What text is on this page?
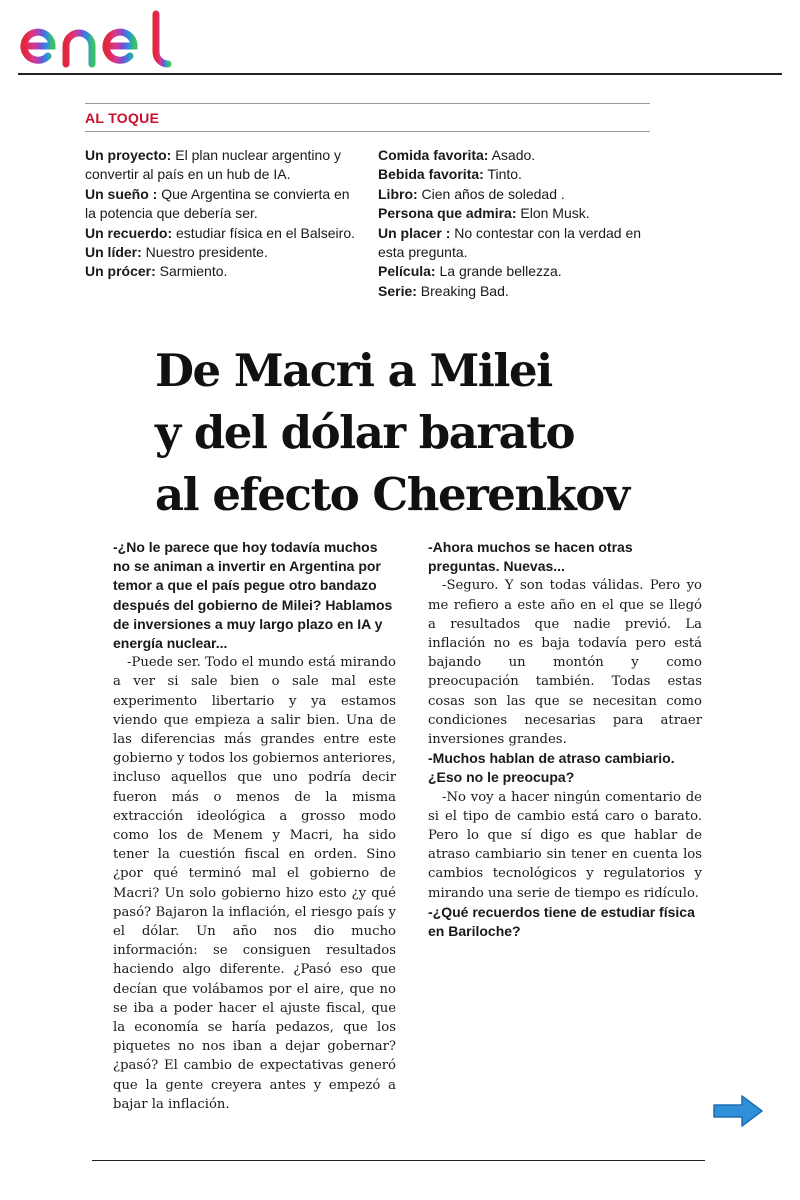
AL TOQUE
Un proyecto: El plan nuclear argentino y convertir al país en un hub de IA.
Un sueño : Que Argentina se convierta en la potencia que debería ser.
Un recuerdo: estudiar física en el Balseiro.
Un líder: Nuestro presidente.
Un prócer: Sarmiento.
Comida favorita: Asado.
Bebida favorita: Tinto.
Libro: Cien años de soledad .
Persona que admira: Elon Musk.
Un placer : No contestar con la verdad en esta pregunta.
Película: La grande bellezza.
Serie: Breaking Bad.
De Macri a Milei
y del dólar barato
al efecto Cherenkov
-¿No le parece que hoy todavía muchos no se animan a invertir en Argentina por temor a que el país pegue otro bandazo después del gobierno de Milei? Hablamos de inversiones a muy largo plazo en IA y energía nuclear...
-Puede ser. Todo el mundo está mirando a ver si sale bien o sale mal este experimento libertario y ya estamos viendo que empieza a salir bien. Una de las diferencias más grandes entre este gobierno y todos los gobiernos anteriores, incluso aquellos que uno podría decir fueron más o menos de la misma extracción ideológica a grosso modo como los de Menem y Macri, ha sido tener la cuestión fiscal en orden. Sino ¿por qué terminó mal el gobierno de Macri? Un solo gobierno hizo esto ¿y qué pasó? Bajaron la inflación, el riesgo país y el dólar. Un año nos dio mucho información: se consiguen resultados haciendo algo diferente. ¿Pasó eso que decían que volábamos por el aire, que no se iba a poder hacer el ajuste fiscal, que la economía se haría pedazos, que los piquetes no nos iban a dejar gobernar? ¿pasó? El cambio de expectativas generó que la gente creyera antes y empezó a bajar la inflación.
-Ahora muchos se hacen otras preguntas. Nuevas...
-Seguro. Y son todas válidas. Pero yo me refiero a este año en el que se llegó a resultados que nadie previó. La inflación no es baja todavía pero está bajando un montón y como preocupación también. Todas estas cosas son las que se necesitan como condiciones necesarias para atraer inversiones grandes.
-Muchos hablan de atraso cambiario. ¿Eso no le preocupa?
-No voy a hacer ningún comentario de si el tipo de cambio está caro o barato. Pero lo que sí digo es que hablar de atraso cambiario sin tener en cuenta los cambios tecnológicos y regulatorios y mirando una serie de tiempo es ridículo.
-¿Qué recuerdos tiene de estudiar física en Bariloche?
